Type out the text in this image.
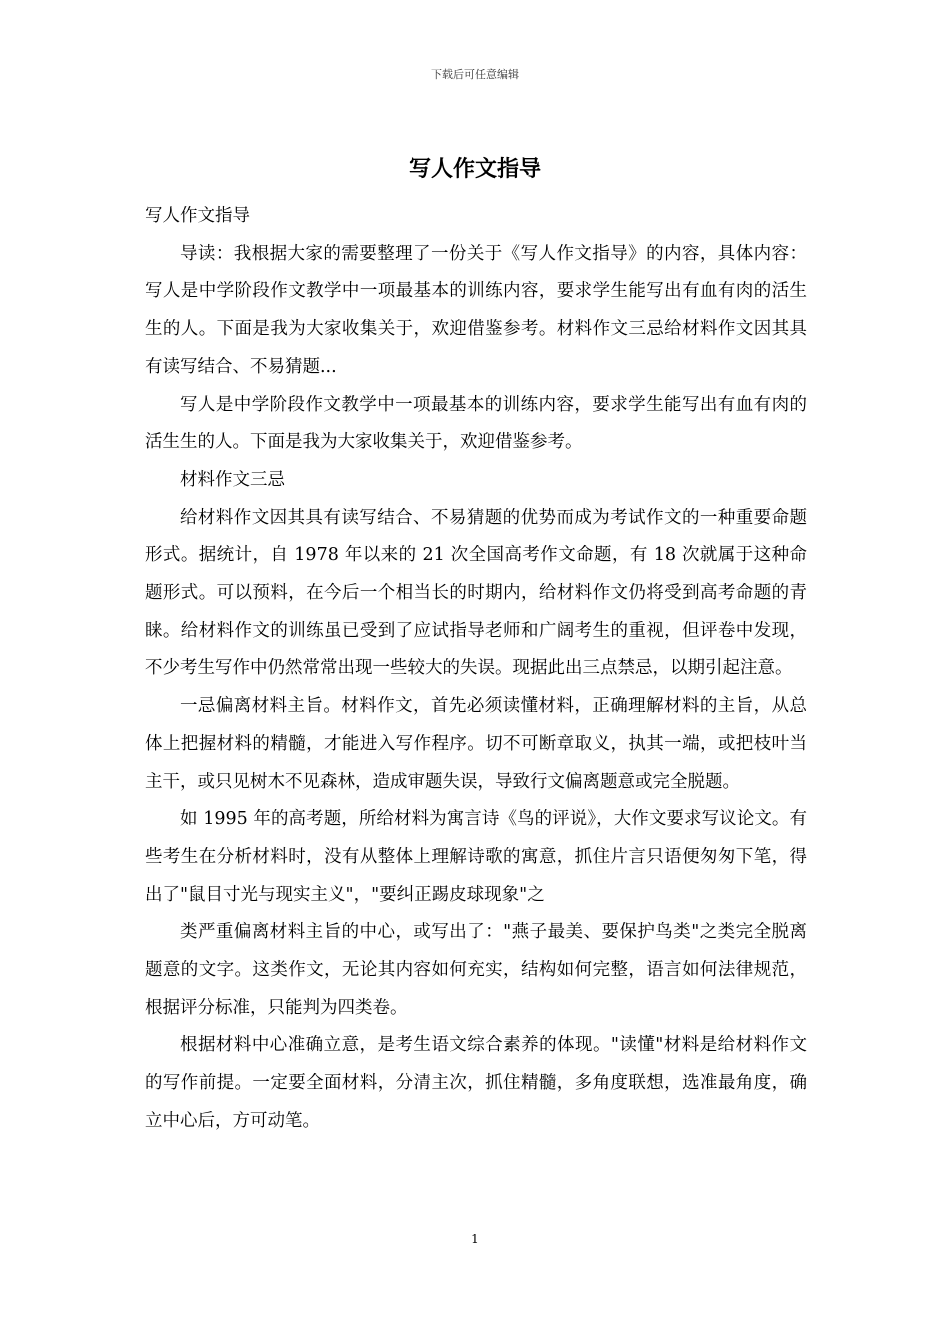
下载后可任意编辑
写人作文指导

写人作文指导

导读：我根据大家的需要整理了一份关于《写人作文指导》的内容，具体内容：写人是中学阶段作文教学中一项最基本的训练内容，要求学生能写出有血有肉的活生生的人。下面是我为大家收集关于，欢迎借鉴参考。材料作文三忌给材料作文因其具有读写结合、不易猜题...

写人是中学阶段作文教学中一项最基本的训练内容，要求学生能写出有血有肉的活生生的人。下面是我为大家收集关于，欢迎借鉴参考。

材料作文三忌

给材料作文因其具有读写结合、不易猜题的优势而成为考试作文的一种重要命题形式。据统计，自 1978 年以来的 21 次全国高考作文命题，有 18 次就属于这种命题形式。可以预料，在今后一个相当长的时期内，给材料作文仍将受到高考命题的青睐。给材料作文的训练虽已受到了应试指导老师和广阔考生的重视，但评卷中发现，不少考生写作中仍然常常出现一些较大的失误。现据此出三点禁忌，以期引起注意。

一忌偏离材料主旨。材料作文，首先必须读懂材料，正确理解材料的主旨，从总体上把握材料的精髓，才能进入写作程序。切不可断章取义，执其一端，或把枝叶当主干，或只见树木不见森林，造成审题失误，导致行文偏离题意或完全脱题。

如 1995 年的高考题，所给材料为寓言诗《鸟的评说》，大作文要求写议论文。有些考生在分析材料时，没有从整体上理解诗歌的寓意，抓住片言只语便匆匆下笔，得出了"鼠目寸光与现实主义"，"要纠正踢皮球现象"之

类严重偏离材料主旨的中心，或写出了："燕子最美、要保护鸟类"之类完全脱离题意的文字。这类作文，无论其内容如何充实，结构如何完整，语言如何法律规范，根据评分标准，只能判为四类卷。

根据材料中心准确立意，是考生语文综合素养的体现。"读懂"材料是给材料作文的写作前提。一定要全面材料，分清主次，抓住精髓，多角度联想，选准最角度，确立中心后，方可动笔。

1
